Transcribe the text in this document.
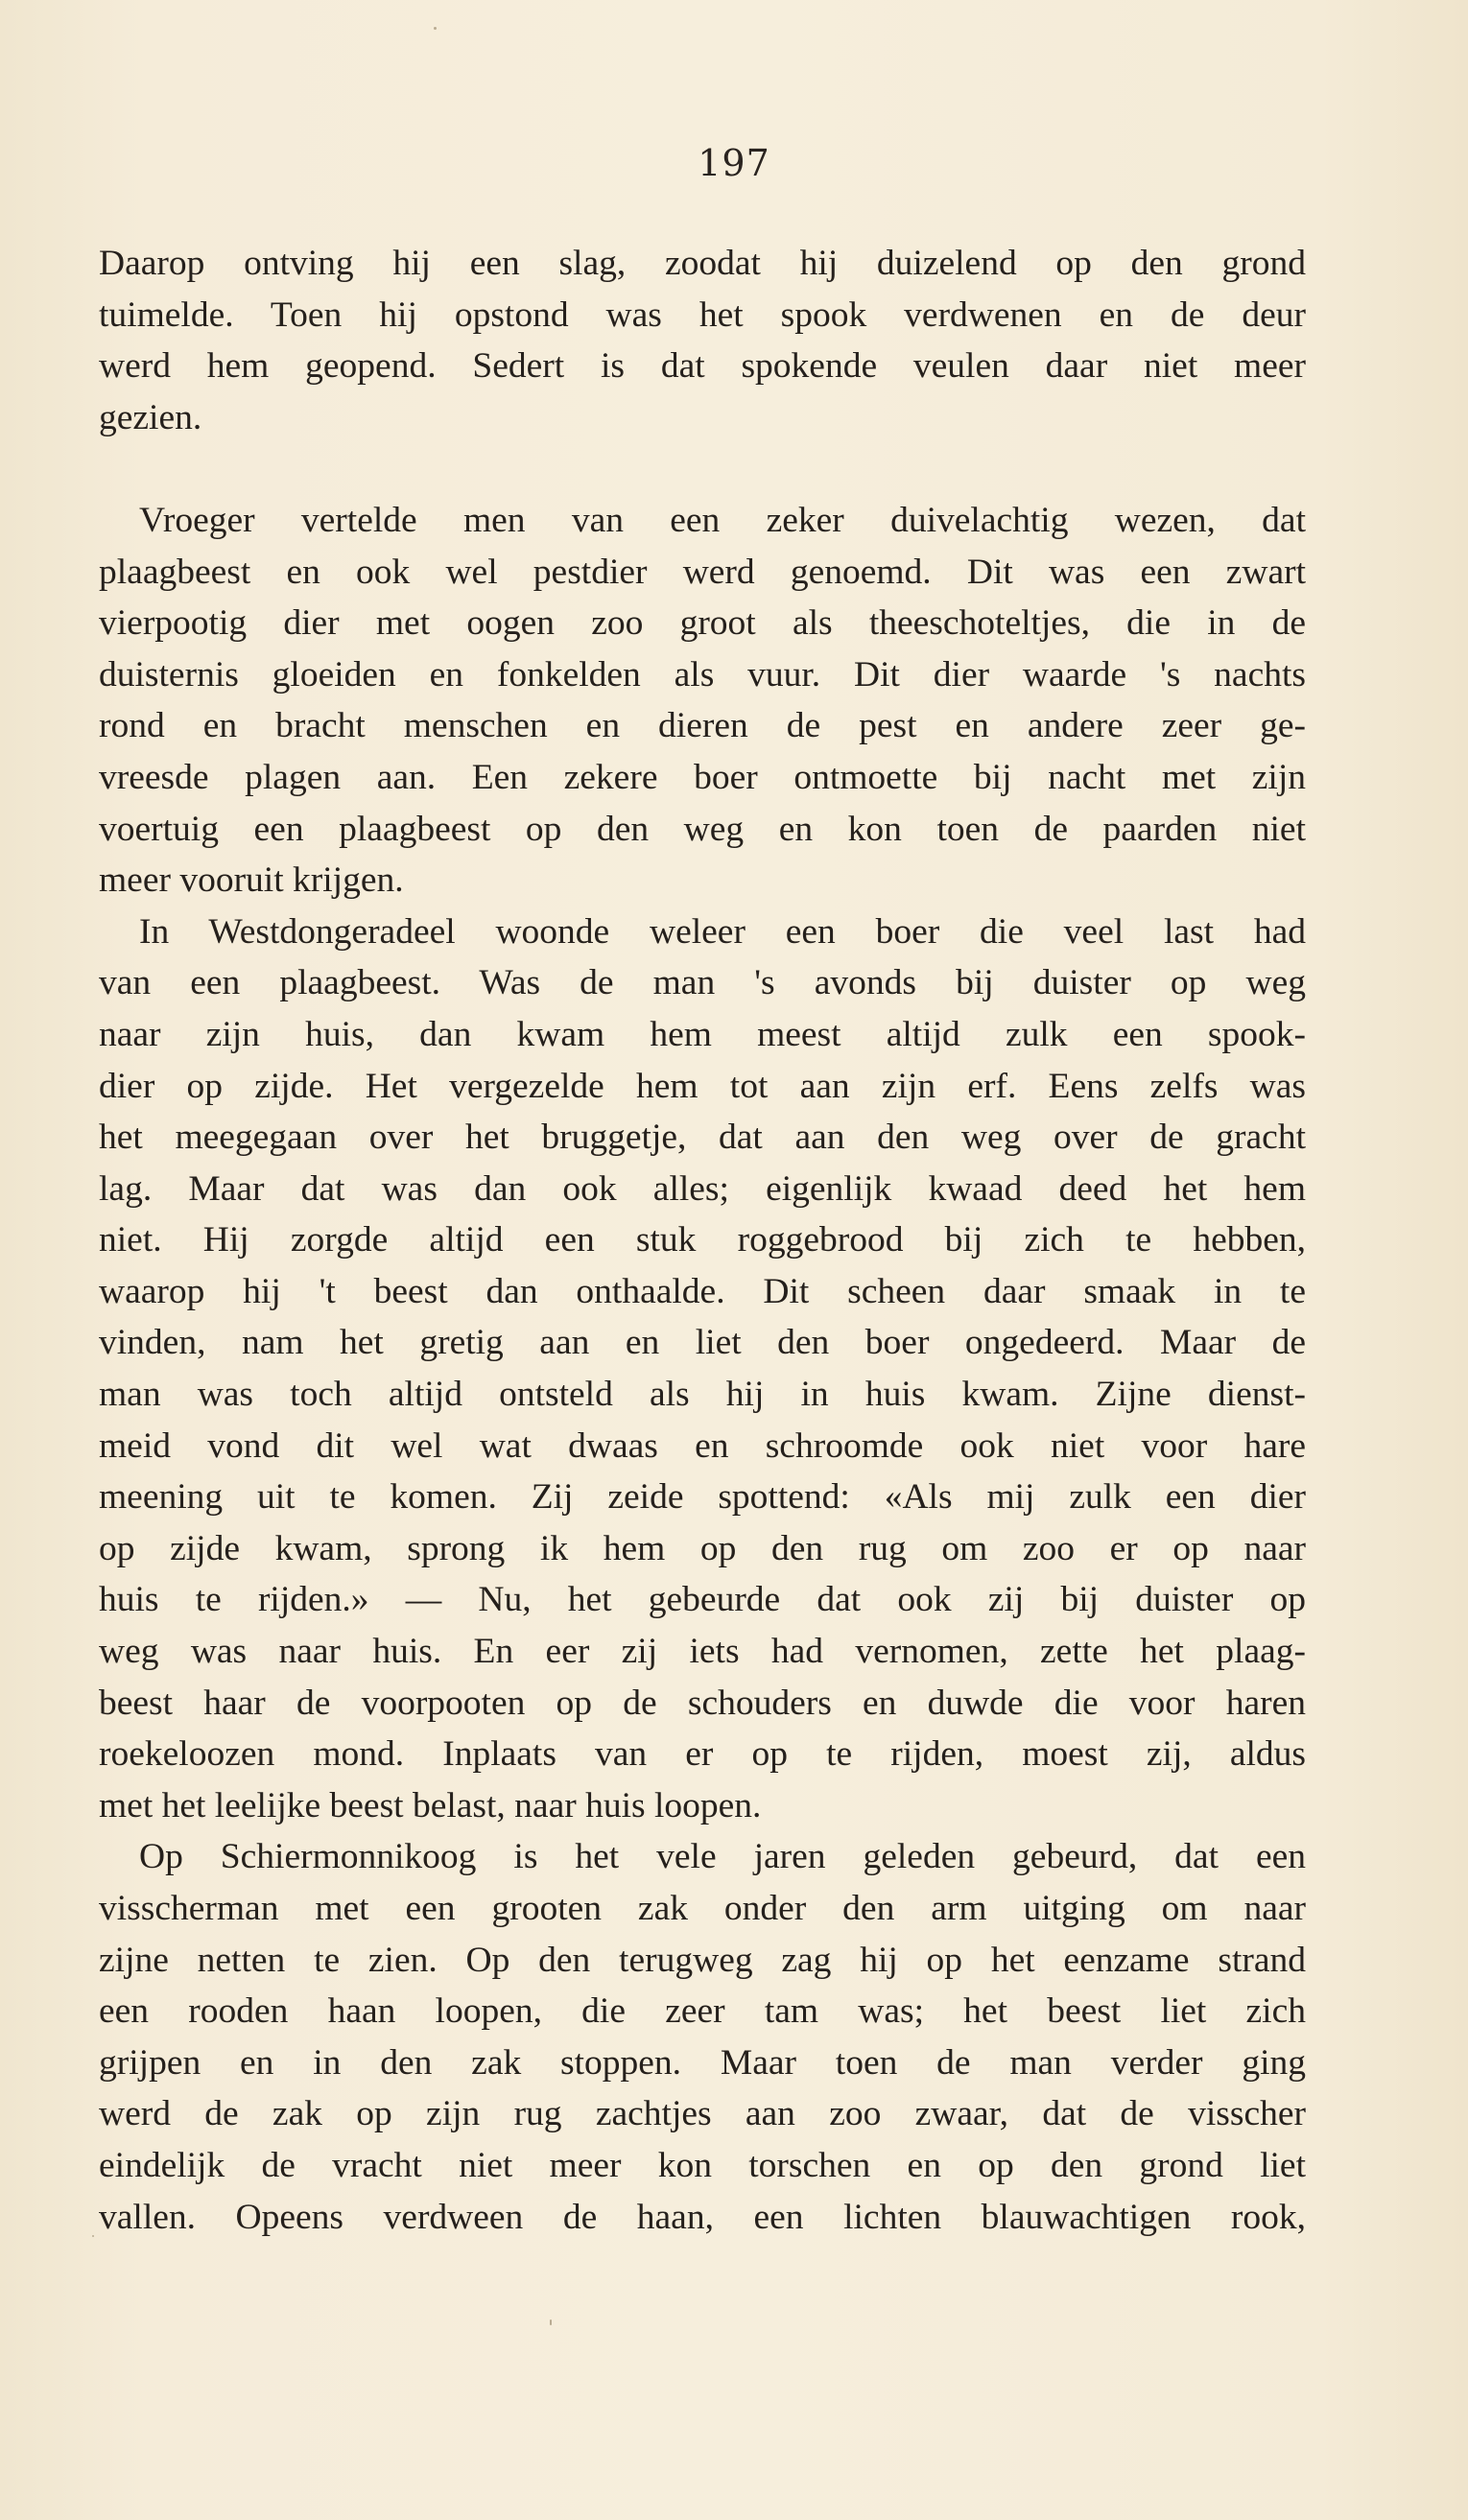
197
Daarop ontving hij een slag, zoodat hij duizelend op den grond
tuimelde. Toen hij opstond was het spook verdwenen en de deur
werd hem geopend. Sedert is dat spokende veulen daar niet meer
gezien.
Vroeger vertelde men van een zeker duivelachtig wezen, dat
plaagbeest en ook wel pestdier werd genoemd. Dit was een zwart
vierpootig dier met oogen zoo groot als theeschoteltjes, die in de
duisternis gloeiden en fonkelden als vuur. Dit dier waarde 's nachts
rond en bracht menschen en dieren de pest en andere zeer ge-
vreesde plagen aan. Een zekere boer ontmoette bij nacht met zijn
voertuig een plaagbeest op den weg en kon toen de paarden niet
meer vooruit krijgen.
In Westdongeradeel woonde weleer een boer die veel last had
van een plaagbeest. Was de man 's avonds bij duister op weg
naar zijn huis, dan kwam hem meest altijd zulk een spook-
dier op zijde. Het vergezelde hem tot aan zijn erf. Eens zelfs was
het meegegaan over het bruggetje, dat aan den weg over de gracht
lag. Maar dat was dan ook alles; eigenlijk kwaad deed het hem
niet. Hij zorgde altijd een stuk roggebrood bij zich te hebben,
waarop hij 't beest dan onthaalde. Dit scheen daar smaak in te
vinden, nam het gretig aan en liet den boer ongedeerd. Maar de
man was toch altijd ontsteld als hij in huis kwam. Zijne dienst-
meid vond dit wel wat dwaas en schroomde ook niet voor hare
meening uit te komen. Zij zeide spottend: «Als mij zulk een dier
op zijde kwam, sprong ik hem op den rug om zoo er op naar
huis te rijden.» — Nu, het gebeurde dat ook zij bij duister op
weg was naar huis. En eer zij iets had vernomen, zette het plaag-
beest haar de voorpooten op de schouders en duwde die voor haren
roekeloozen mond. Inplaats van er op te rijden, moest zij, aldus
met het leelijke beest belast, naar huis loopen.
Op Schiermonnikoog is het vele jaren geleden gebeurd, dat een
visscherman met een grooten zak onder den arm uitging om naar
zijne netten te zien. Op den terugweg zag hij op het eenzame strand
een rooden haan loopen, die zeer tam was; het beest liet zich
grijpen en in den zak stoppen. Maar toen de man verder ging
werd de zak op zijn rug zachtjes aan zoo zwaar, dat de visscher
eindelijk de vracht niet meer kon torschen en op den grond liet
vallen. Opeens verdween de haan, een lichten blauwachtigen rook,
